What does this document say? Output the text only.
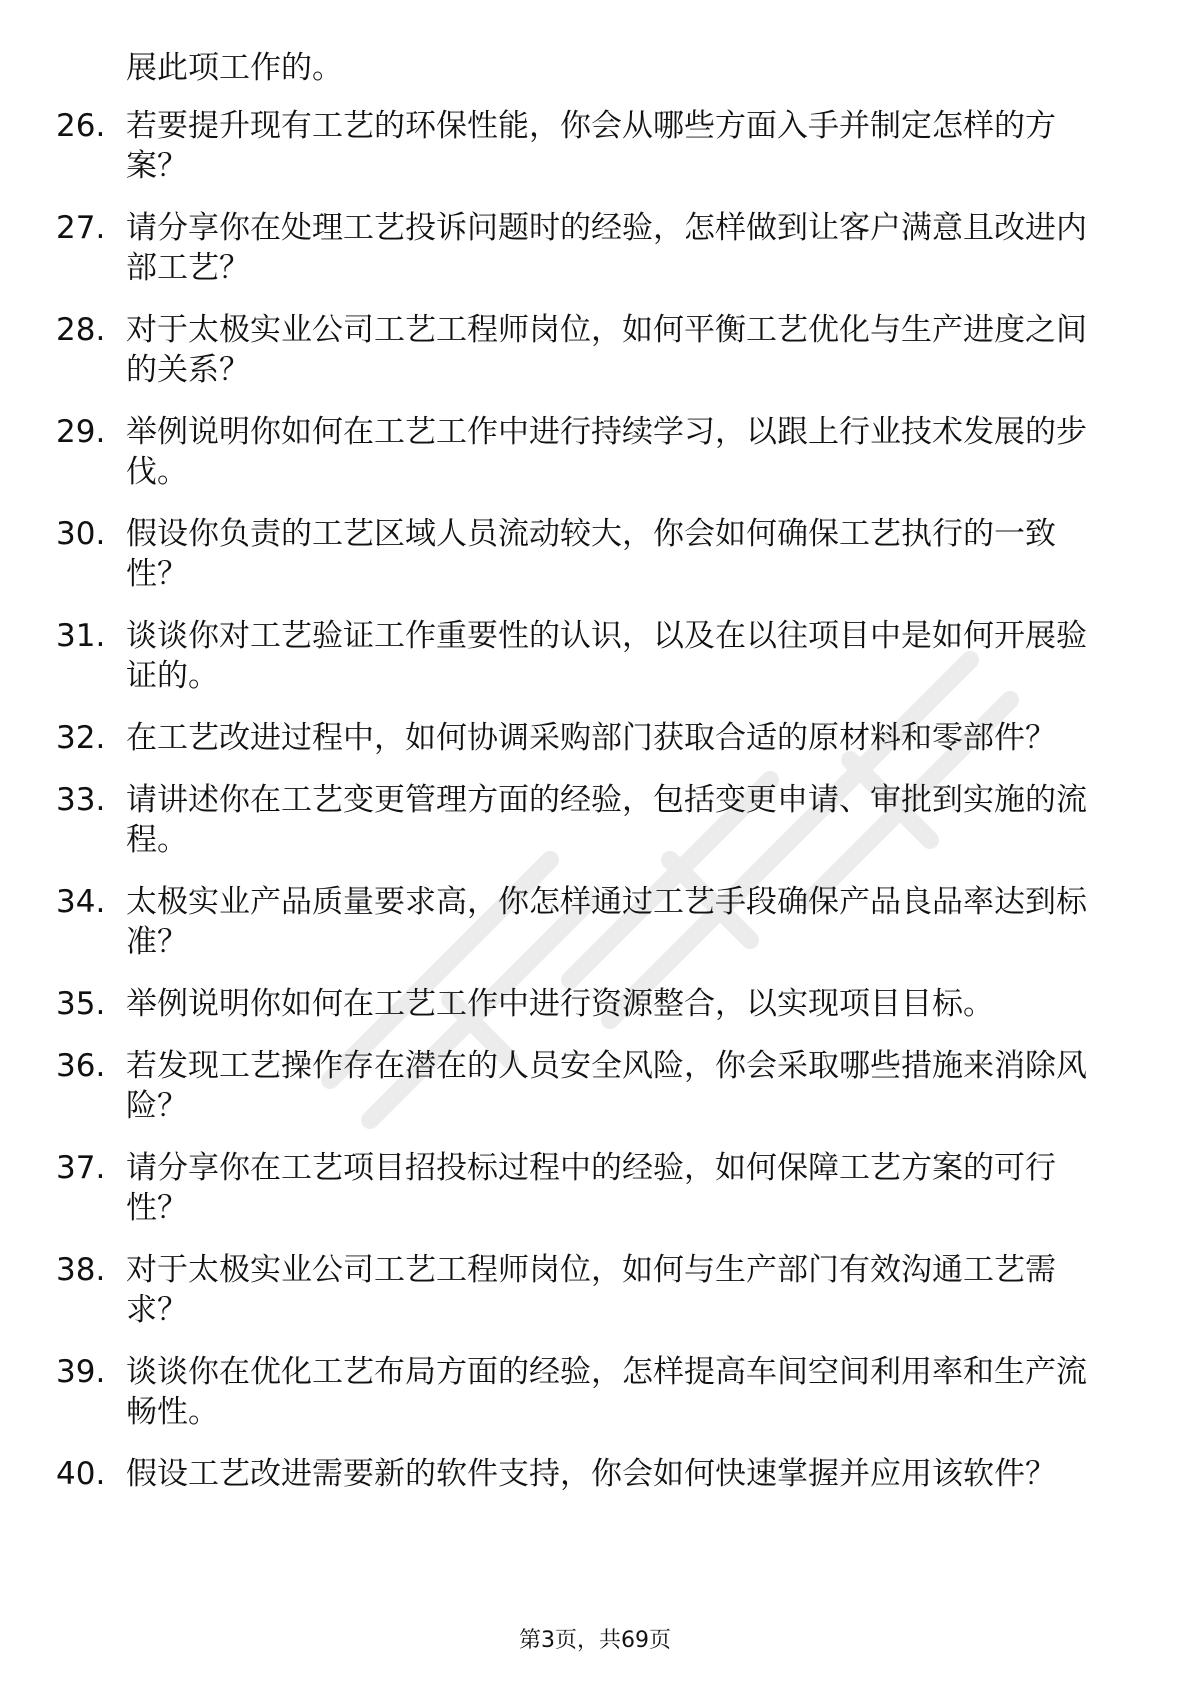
展此项工作的。
26. 若要提升现有工艺的环保性能，你会从哪些方面入手并制定怎样的方案？
27. 请分享你在处理工艺投诉问题时的经验，怎样做到让客户满意且改进内部工艺？
28. 对于太极实业公司工艺工程师岗位，如何平衡工艺优化与生产进度之间的关系？
29. 举例说明你如何在工艺工作中进行持续学习，以跟上行业技术发展的步伐。
30. 假设你负责的工艺区域人员流动较大，你会如何确保工艺执行的一致性？
31. 谈谈你对工艺验证工作重要性的认识，以及在以往项目中是如何开展验证的。
32. 在工艺改进过程中，如何协调采购部门获取合适的原材料和零部件？
33. 请讲述你在工艺变更管理方面的经验，包括变更申请、审批到实施的流程。
34. 太极实业产品质量要求高，你怎样通过工艺手段确保产品良品率达到标准？
35. 举例说明你如何在工艺工作中进行资源整合，以实现项目目标。
36. 若发现工艺操作存在潜在的人员安全风险，你会采取哪些措施来消除风险？
37. 请分享你在工艺项目招投标过程中的经验，如何保障工艺方案的可行性？
38. 对于太极实业公司工艺工程师岗位，如何与生产部门有效沟通工艺需求？
39. 谈谈你在优化工艺布局方面的经验，怎样提高车间空间利用率和生产流畅性。
40. 假设工艺改进需要新的软件支持，你会如何快速掌握并应用该软件？
第3页，共69页
